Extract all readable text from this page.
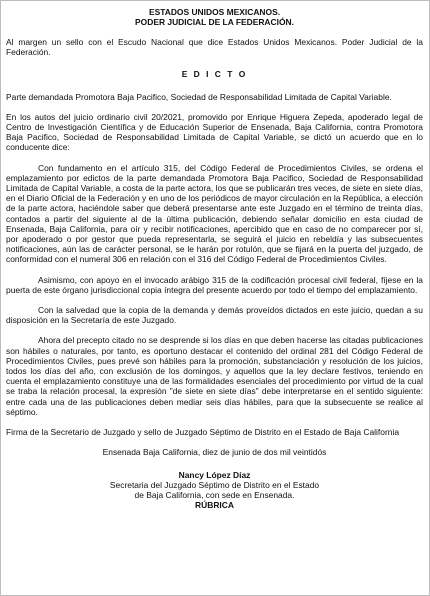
ESTADOS UNIDOS MEXICANOS.

PODER JUDICIAL DE LA FEDERACIÓN.

Al margen un sello con el Escudo Nacional que dice Estados Unidos Mexicanos. Poder Judicial de la Federación.

E D I C T O

Parte demandada Promotora Baja Pacifico, Sociedad de Responsabilidad Limitada de Capital Variable.

En los autos del juicio ordinario civil 20/2021, promovido por Enrique Higuera Zepeda, apoderado legal de Centro de Investigación Científica y de Educación Superior de Ensenada, Baja California, contra Promotora Baja Pacifico, Sociedad de Responsabilidad Limitada de Capital Variable, se dictó un acuerdo que en lo conducente dice:

Con fundamento en el artículo 315, del Código Federal de Procedimientos Civiles, se ordena el emplazamiento por edictos de la parte demandada Promotora Baja Pacifico, Sociedad de Responsabilidad Limitada de Capital Variable, a costa de la parte actora, los que se publicarán tres veces, de siete en siete días, en el Diario Oficial de la Federación y en uno de los periódicos de mayor circulación en la República, a elección de la parte actora, haciéndole saber que deberá presentarse ante este Juzgado en el término de treinta días, contados a partir del siguiente al de la última publicación, debiendo señalar domicilio en esta ciudad de Ensenada, Baja California, para oír y recibir notificaciones, apercibido que en caso de no comparecer por sí, por apoderado o por gestor que pueda representarla, se seguirá el juicio en rebeldía y las subsecuentes notificaciones, aún las de carácter personal, se le harán por rotulón, que se fijará en la puerta del juzgado, de conformidad con el numeral 306 en relación con el 316 del Código Federal de Procedimientos Civiles.

Asimismo, con apoyo en el invocado arábigo 315 de la codificación procesal civil federal, fíjese en la puerta de este órgano jurisdiccional copia íntegra del presente acuerdo por todo el tiempo del emplazamiento.

Con la salvedad que la copia de la demanda y demás proveídos dictados en este juicio, quedan a su disposición en la Secretaría de este Juzgado.

Ahora del precepto citado no se desprende si los días en que deben hacerse las citadas publicaciones son hábiles o naturales, por tanto, es oportuno destacar el contenido del ordinal 281 del Código Federal de Procedimientos Civiles, pues prevé son hábiles para la promoción, substanciación y resolución de los juicios, todos los días del año, con exclusión de los domingos, y aquellos que la ley declare festivos, teniendo en cuenta el emplazamiento constituye una de las formalidades esenciales del procedimiento por virtud de la cual se traba la relación procesal, la expresión "de siete en siete días" debe interpretarse en el sentido siguiente: entre cada una de las publicaciones deben mediar seis días hábiles, para que la subsecuente se realice al séptimo.

Firma de la Secretario de Juzgado y sello de Juzgado Séptimo de Distrito en el Estado de Baja California

Ensenada Baja California, diez de junio de dos mil veintidós

Nancy López Díaz

Secretaria del Juzgado Séptimo de Distrito en el Estado

de Baja California, con sede en Ensenada.

RÚBRICA
